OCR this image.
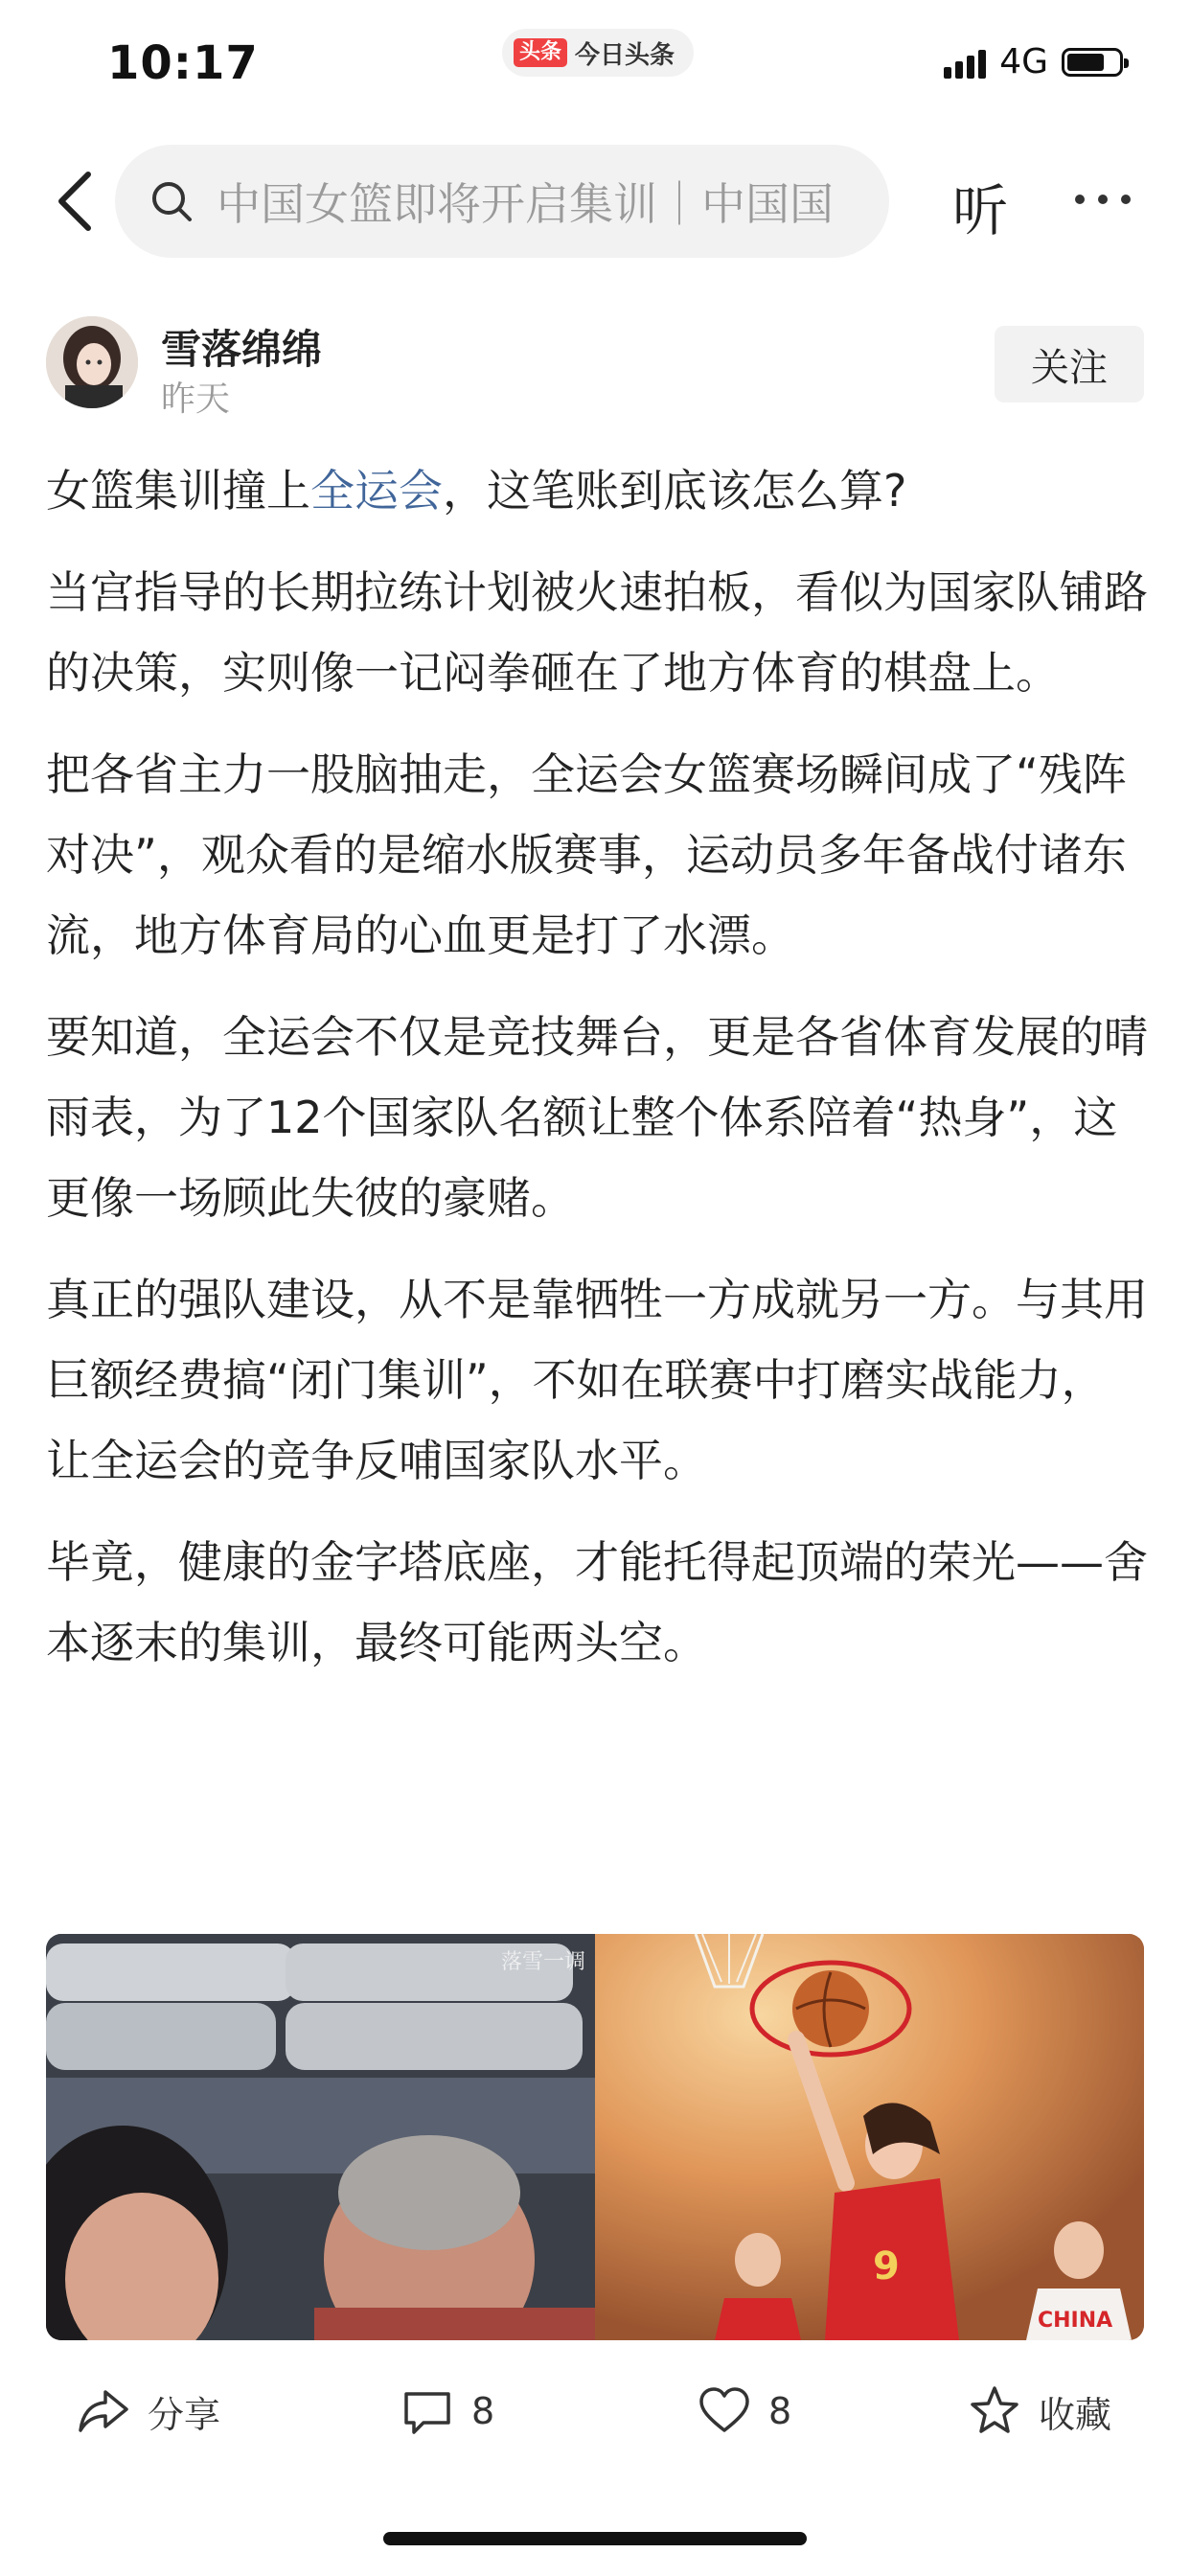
10:17	头条 今日头条	4G
中国女篮即将开启集训｜中国国 听
雪落绵绵
昨天
关注

女篮集训撞上全运会，这笔账到底该怎么算?

当宫指导的长期拉练计划被火速拍板，看似为国家队铺路的决策，实则像一记闷拳砸在了地方体育的棋盘上。

把各省主力一股脑抽走，全运会女篮赛场瞬间成了“残阵对决”，观众看的是缩水版赛事，运动员多年备战付诸东流，地方体育局的心血更是打了水漂。

要知道，全运会不仅是竞技舞台，更是各省体育发展的晴雨表，为了12个国家队名额让整个体系陪着“热身”，这更像一场顾此失彼的豪赌。

真正的强队建设，从不是靠牺牲一方成就另一方。与其用巨额经费搞“闭门集训”，不如在联赛中打磨实战能力，让全运会的竞争反哺国家队水平。

毕竟，健康的金字塔底座，才能托得起顶端的荣光——舍本逐末的集训，最终可能两头空。

落雪一调
9
CHINA
分享	8	8	收藏
